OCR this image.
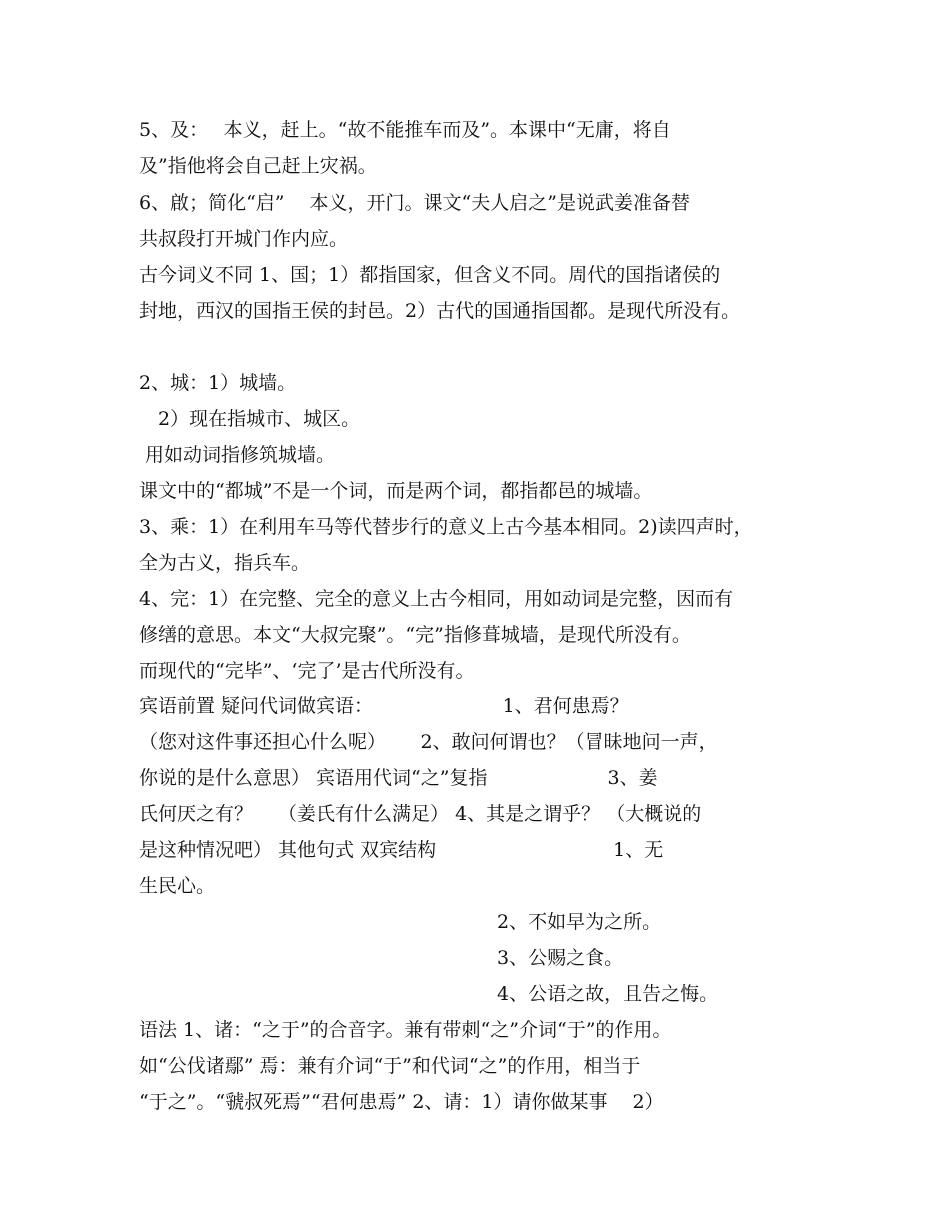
5、及：　 本义，赶上。“故不能推车而及”。本课中“无庸，将自
及”指他将会自己赶上灾祸。
6、啟；简化“启”　 本义，开门。课文“夫人启之”是说武姜准备替
共叔段打开城门作内应。
古今词义不同 1、国；1）都指国家，但含义不同。周代的国指诸侯的
封地，西汉的国指王侯的封邑。2）古代的国通指国都。是现代所没有。
2、城：1）城墙。
　2）现在指城市、城区。
用如动词指修筑城墙。
课文中的“都城”不是一个词，而是两个词，都指都邑的城墙。
3、乘：1）在利用车马等代替步行的意义上古今基本相同。2)读四声时，
全为古义，指兵车。
4、完：1）在完整、完全的意义上古今相同，用如动词是完整，因而有
修缮的意思。本文“大叔完聚”。“完”指修葺城墙，是现代所没有。
而现代的“完毕”、‘完了’是古代所没有。
宾语前置 疑问代词做宾语：　　　　　　　 1、君何患焉？
（您对这件事还担心什么呢）　 　2、敢问何谓也？（冒昧地问一声，
你说的是什么意思） 宾语用代词“之”复指　　　　　　 3、姜
氏何厌之有？　 （姜氏有什么满足） 4、其是之谓乎？ （大概说的
是这种情况吧） 其他句式 双宾结构　　　　　　　　　 1、无
生民心。
2、不如早为之所。
3、公赐之食。
4、公语之故，且告之悔。
语法 1、诸：“之于”的合音字。兼有带刺“之”介词“于”的作用。
如“公伐诸鄢” 焉：兼有介词“于”和代词“之”的作用，相当于
“于之”。“虢叔死焉”“君何患焉” 2、请：1）请你做某事　 2）
